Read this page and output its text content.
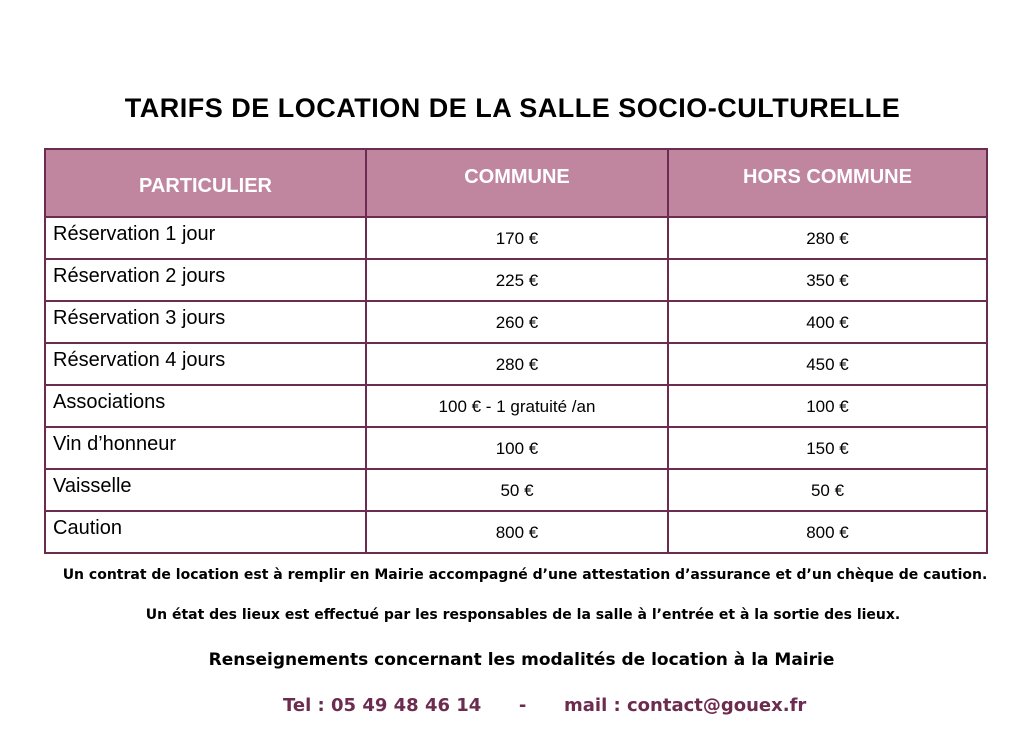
TARIFS DE LOCATION DE LA SALLE SOCIO-CULTURELLE
PARTICULIER	COMMUNE	HORS COMMUNE
Réservation 1 jour	170 €	280 €
Réservation 2 jours	225 €	350 €
Réservation 3 jours	260 €	400 €
Réservation 4 jours	280 €	450 €
Associations	100 € - 1 gratuité /an	100 €
Vin d’honneur	100 €	150 €
Vaisselle	50 €	50 €
Caution	800 €	800 €
Un contrat de location est à remplir en Mairie accompagné d’une attestation d’assurance et d’un chèque de caution.
Un état des lieux est effectué par les responsables de la salle à l’entrée et à la sortie des lieux.
Renseignements concernant les modalités de location à la Mairie
Tel : 05 49 48 46 14 - mail : contact@gouex.fr
